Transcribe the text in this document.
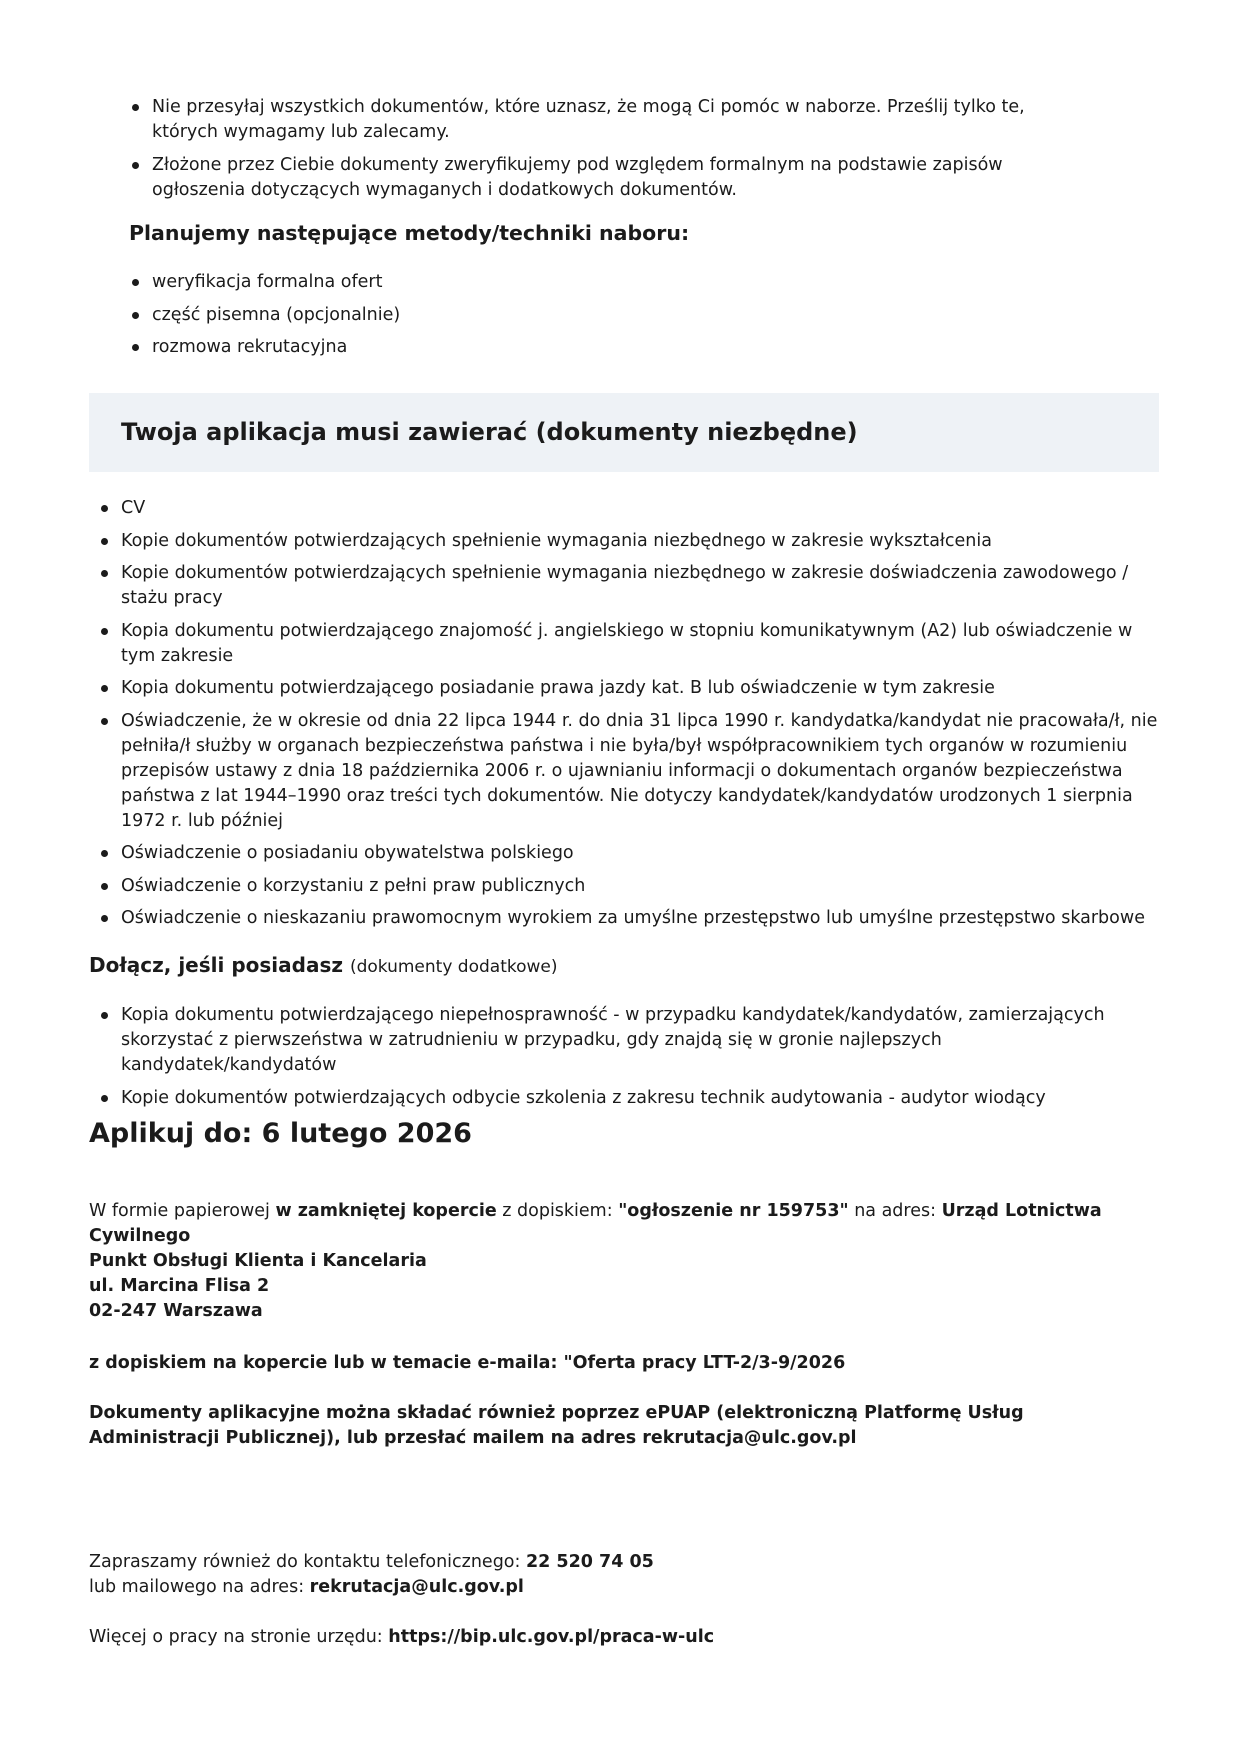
Nie przesyłaj wszystkich dokumentów, które uznasz, że mogą Ci pomóc w naborze. Prześlij tylko te, których wymagamy lub zalecamy.
Złożone przez Ciebie dokumenty zweryfikujemy pod względem formalnym na podstawie zapisów ogłoszenia dotyczących wymaganych i dodatkowych dokumentów.
Planujemy następujące metody/techniki naboru:
weryfikacja formalna ofert
część pisemna (opcjonalnie)
rozmowa rekrutacyjna
Twoja aplikacja musi zawierać (dokumenty niezbędne)
CV
Kopie dokumentów potwierdzających spełnienie wymagania niezbędnego w zakresie wykształcenia
Kopie dokumentów potwierdzających spełnienie wymagania niezbędnego w zakresie doświadczenia zawodowego / stażu pracy
Kopia dokumentu potwierdzającego znajomość j. angielskiego w stopniu komunikatywnym (A2) lub oświadczenie w tym zakresie
Kopia dokumentu potwierdzającego posiadanie prawa jazdy kat. B lub oświadczenie w tym zakresie
Oświadczenie, że w okresie od dnia 22 lipca 1944 r. do dnia 31 lipca 1990 r. kandydatka/kandydat nie pracowała/ł, nie pełniła/ł służby w organach bezpieczeństwa państwa i nie była/był współpracownikiem tych organów w rozumieniu przepisów ustawy z dnia 18 października 2006 r. o ujawnianiu informacji o dokumentach organów bezpieczeństwa państwa z lat 1944–1990 oraz treści tych dokumentów. Nie dotyczy kandydatek/kandydatów urodzonych 1 sierpnia 1972 r. lub później
Oświadczenie o posiadaniu obywatelstwa polskiego
Oświadczenie o korzystaniu z pełni praw publicznych
Oświadczenie o nieskazaniu prawomocnym wyrokiem za umyślne przestępstwo lub umyślne przestępstwo skarbowe
Dołącz, jeśli posiadasz (dokumenty dodatkowe)
Kopia dokumentu potwierdzającego niepełnosprawność - w przypadku kandydatek/kandydatów, zamierzających skorzystać z pierwszeństwa w zatrudnieniu w przypadku, gdy znajdą się w gronie najlepszych kandydatek/kandydatów
Kopie dokumentów potwierdzających odbycie szkolenia z zakresu technik audytowania - audytor wiodący
Aplikuj do: 6 lutego 2026

W formie papierowej w zamkniętej kopercie z dopiskiem: "ogłoszenie nr 159753" na adres: Urząd Lotnictwa Cywilnego
Punkt Obsługi Klienta i Kancelaria
ul. Marcina Flisa 2
02-247 Warszawa

z dopiskiem na kopercie lub w temacie e-maila: "Oferta pracy LTT-2/3-9/2026

Dokumenty aplikacyjne można składać również poprzez ePUAP (elektroniczną Platformę Usług Administracji Publicznej), lub przesłać mailem na adres rekrutacja@ulc.gov.pl

Zapraszamy również do kontaktu telefonicznego: 22 520 74 05
lub mailowego na adres: rekrutacja@ulc.gov.pl

Więcej o pracy na stronie urzędu: https://bip.ulc.gov.pl/praca-w-ulc
